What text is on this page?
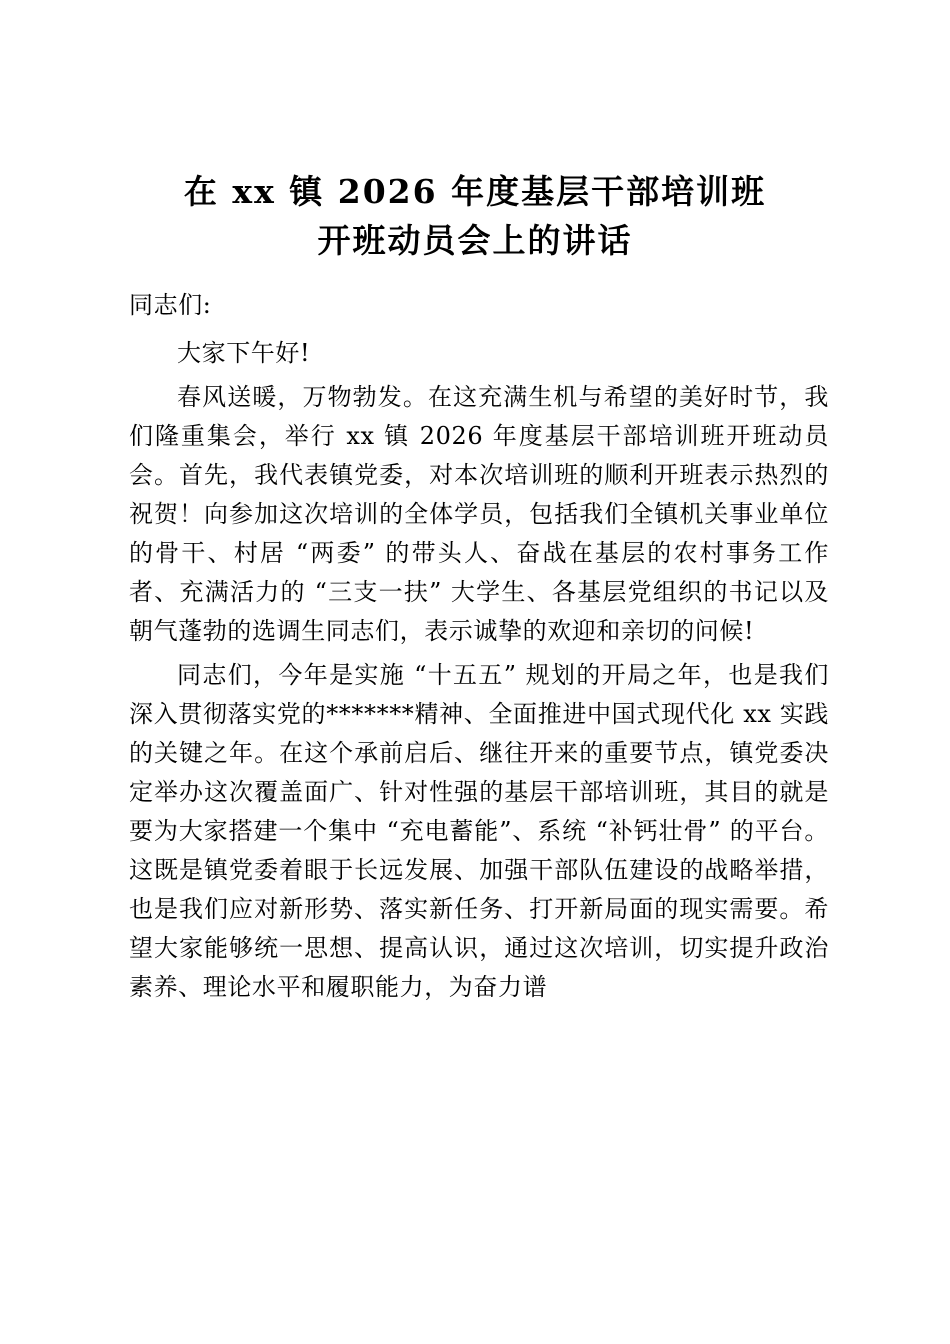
在 xx 镇 2026 年度基层干部培训班
开班动员会上的讲话

同志们:

大家下午好!

春风送暖，万物勃发。在这充满生机与希望的美好时节，我们隆重集会，举行 xx 镇 2026 年度基层干部培训班开班动员会。首先，我代表镇党委，对本次培训班的顺利开班表示热烈的祝贺！向参加这次培训的全体学员，包括我们全镇机关事业单位的骨干、村居 “两委” 的带头人、奋战在基层的农村事务工作者、充满活力的 “三支一扶” 大学生、各基层党组织的书记以及朝气蓬勃的选调生同志们，表示诚挚的欢迎和亲切的问候!

同志们，今年是实施 “十五五” 规划的开局之年，也是我们深入贯彻落实党的*******精神、全面推进中国式现代化 xx 实践的关键之年。在这个承前启后、继往开来的重要节点，镇党委决定举办这次覆盖面广、针对性强的基层干部培训班，其目的就是要为大家搭建一个集中 “充电蓄能”、系统 “补钙壮骨” 的平台。这既是镇党委着眼于长远发展、加强干部队伍建设的战略举措，也是我们应对新形势、落实新任务、打开新局面的现实需要。希望大家能够统一思想、提高认识，通过这次培训，切实提升政治素养、理论水平和履职能力，为奋力谱
